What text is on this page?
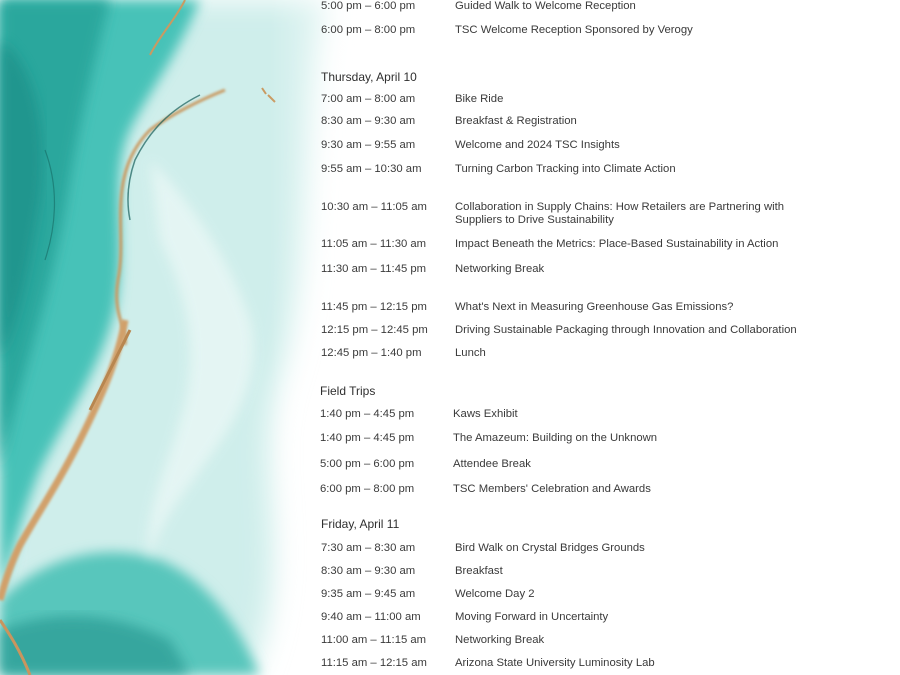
5:00 pm – 6:00 pm	Guided Walk to Welcome Reception
6:00 pm – 8:00 pm	TSC Welcome Reception Sponsored by Verogy
Thursday, April 10
7:00 am – 8:00 am	Bike Ride
8:30 am – 9:30 am	Breakfast & Registration
9:30 am – 9:55 am	Welcome and 2024 TSC Insights
9:55 am – 10:30 am	Turning Carbon Tracking into Climate Action
10:30 am – 11:05 am Collaboration in Supply Chains: How Retailers are Partnering with Suppliers to Drive Sustainability
11:05 am – 11:30 am	Impact Beneath the Metrics: Place-Based Sustainability in Action
11:30 am – 11:45 pm	Networking Break
11:45 pm – 12:15 pm What's Next in Measuring Greenhouse Gas Emissions?
12:15 pm – 12:45 pm Driving Sustainable Packaging through Innovation and Collaboration
12:45 pm – 1:40 pm	Lunch
Field Trips
1:40 pm – 4:45 pm	Kaws Exhibit
1:40 pm – 4:45 pm	The Amazeum: Building on the Unknown
5:00 pm – 6:00 pm	Attendee Break
6:00 pm – 8:00 pm	TSC Members' Celebration and Awards
Friday, April 11
7:30 am – 8:30 am	Bird Walk on Crystal Bridges Grounds
8:30 am – 9:30 am	Breakfast
9:35 am – 9:45 am	Welcome Day 2
9:40 am – 11:00 am	Moving Forward in Uncertainty
11:00 am – 11:15 am	Networking Break
11:15 am – 12:15 am Arizona State University Luminosity Lab
